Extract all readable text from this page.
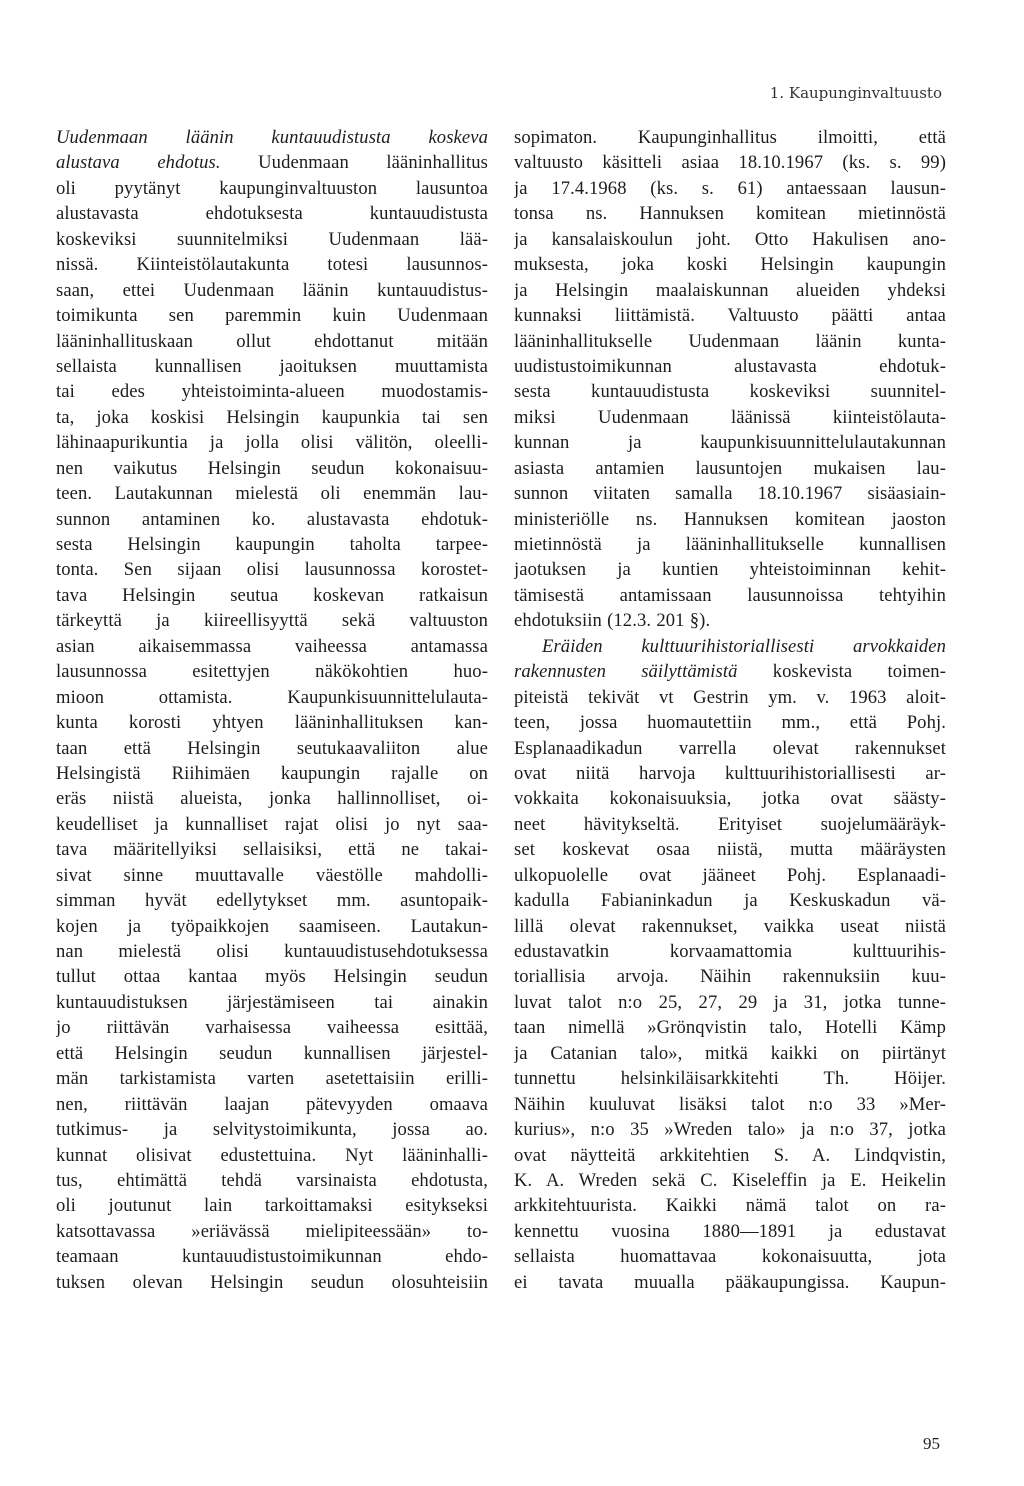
1. Kaupunginvaltuusto
Uudenmaan läänin kuntauudistusta koskeva
alustava ehdotus. Uudenmaan lääninhallitus
oli pyytänyt kaupunginvaltuuston lausuntoa
alustavasta ehdotuksesta kuntauudistusta
koskeviksi suunnitelmiksi Uudenmaan lää-
nissä. Kiinteistölautakunta totesi lausunnos-
saan, ettei Uudenmaan läänin kuntauudistus-
toimikunta sen paremmin kuin Uudenmaan
lääninhallituskaan ollut ehdottanut mitään
sellaista kunnallisen jaoituksen muuttamista
tai edes yhteistoiminta-alueen muodostamis-
ta, joka koskisi Helsingin kaupunkia tai sen
lähinaapurikuntia ja jolla olisi välitön, oleelli-
nen vaikutus Helsingin seudun kokonaisuu-
teen. Lautakunnan mielestä oli enemmän lau-
sunnon antaminen ko. alustavasta ehdotuk-
sesta Helsingin kaupungin taholta tarpee-
tonta. Sen sijaan olisi lausunnossa korostet-
tava Helsingin seutua koskevan ratkaisun
tärkeyttä ja kiireellisyyttä sekä valtuuston
asian aikaisemmassa vaiheessa antamassa
lausunnossa esitettyjen näkökohtien huo-
mioon ottamista. Kaupunkisuunnittelulauta-
kunta korosti yhtyen lääninhallituksen kan-
taan että Helsingin seutukaavaliiton alue
Helsingistä Riihimäen kaupungin rajalle on
eräs niistä alueista, jonka hallinnolliset, oi-
keudelliset ja kunnalliset rajat olisi jo nyt saa-
tava määritellyiksi sellaisiksi, että ne takai-
sivat sinne muuttavalle väestölle mahdolli-
simman hyvät edellytykset mm. asuntopaik-
kojen ja työpaikkojen saamiseen. Lautakun-
nan mielestä olisi kuntauudistusehdotuksessa
tullut ottaa kantaa myös Helsingin seudun
kuntauudistuksen järjestämiseen tai ainakin
jo riittävän varhaisessa vaiheessa esittää,
että Helsingin seudun kunnallisen järjestel-
män tarkistamista varten asetettaisiin erilli-
nen, riittävän laajan pätevyyden omaava
tutkimus- ja selvitystoimikunta, jossa ao.
kunnat olisivat edustettuina. Nyt lääninhalli-
tus, ehtimättä tehdä varsinaista ehdotusta,
oli joutunut lain tarkoittamaksi esitykseksi
katsottavassa »eriävässä mielipiteessään» to-
teamaan kuntauudistustoimikunnan ehdo-
tuksen olevan Helsingin seudun olosuhteisiin
sopimaton. Kaupunginhallitus ilmoitti, että
valtuusto käsitteli asiaa 18.10.1967 (ks. s. 99)
ja 17.4.1968 (ks. s. 61) antaessaan lausun-
tonsa ns. Hannuksen komitean mietinnöstä
ja kansalaiskoulun joht. Otto Hakulisen ano-
muksesta, joka koski Helsingin kaupungin
ja Helsingin maalaiskunnan alueiden yhdeksi
kunnaksi liittämistä. Valtuusto päätti antaa
lääninhallitukselle Uudenmaan läänin kunta-
uudistustoimikunnan alustavasta ehdotuk-
sesta kuntauudistusta koskeviksi suunnitel-
miksi Uudenmaan läänissä kiinteistölauta-
kunnan ja kaupunkisuunnittelulautakunnan
asiasta antamien lausuntojen mukaisen lau-
sunnon viitaten samalla 18.10.1967 sisäasiain-
ministeriölle ns. Hannuksen komitean jaoston
mietinnöstä ja lääninhallitukselle kunnallisen
jaotuksen ja kuntien yhteistoiminnan kehit-
tämisestä antamissaan lausunnoissa tehtyihin
ehdotuksiin (12.3. 201 §).
Eräiden kulttuurihistoriallisesti arvokkaiden
rakennusten säilyttämistä koskevista toimen-
piteistä tekivät vt Gestrin ym. v. 1963 aloit-
teen, jossa huomautettiin mm., että Pohj.
Esplanaadikadun varrella olevat rakennukset
ovat niitä harvoja kulttuurihistoriallisesti ar-
vokkaita kokonaisuuksia, jotka ovat säästy-
neet hävitykseltä. Erityiset suojelumääräyk-
set koskevat osaa niistä, mutta määräysten
ulkopuolelle ovat jääneet Pohj. Esplanaadi-
kadulla Fabianinkadun ja Keskuskadun vä-
lillä olevat rakennukset, vaikka useat niistä
edustavatkin korvaamattomia kulttuurihis-
toriallisia arvoja. Näihin rakennuksiin kuu-
luvat talot n:o 25, 27, 29 ja 31, jotka tunne-
taan nimellä »Grönqvistin talo, Hotelli Kämp
ja Catanian talo», mitkä kaikki on piirtänyt
tunnettu helsinkiläisarkkitehti Th. Höijer.
Näihin kuuluvat lisäksi talot n:o 33 »Mer-
kurius», n:o 35 »Wreden talo» ja n:o 37, jotka
ovat näytteitä arkkitehtien S. A. Lindqvistin,
K. A. Wreden sekä C. Kiseleffin ja E. Heikelin
arkkitehtuurista. Kaikki nämä talot on ra-
kennettu vuosina 1880—1891 ja edustavat
sellaista huomattavaa kokonaisuutta, jota
ei tavata muualla pääkaupungissa. Kaupun-
95
